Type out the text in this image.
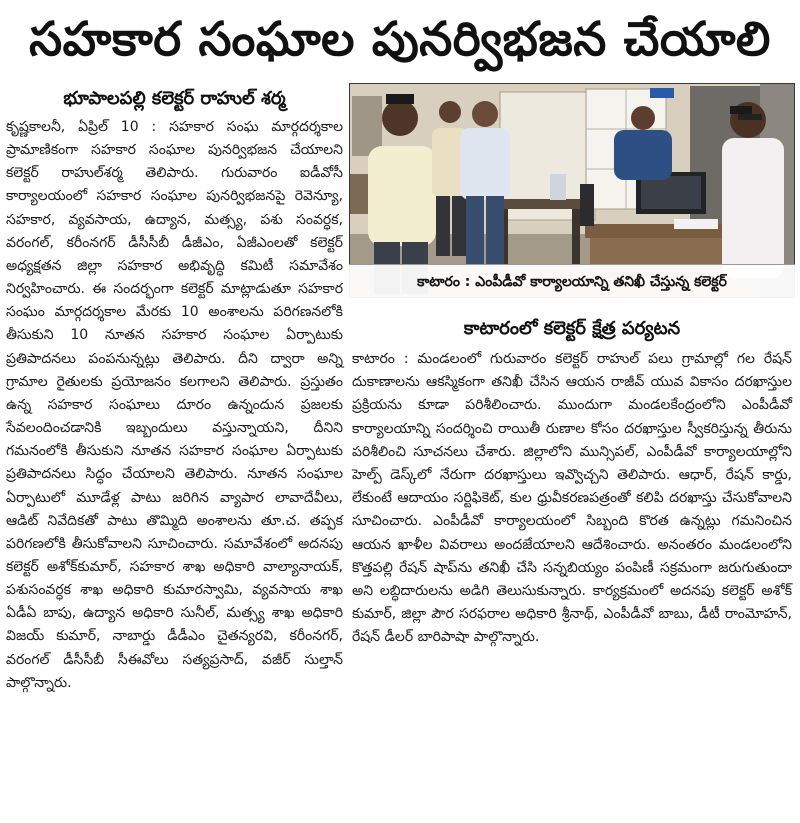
సహకార సంఘాల పునర్విభజన చేయాలి
భూపాలపల్లి కలెక్టర్ రాహుల్ శర్మ

కృష్ణకాలనీ, ఏప్రిల్ 10 : సహకార సంఘ మార్గదర్శకాల ప్రామాణికంగా సహకార సంఘాల పునర్విభజన చేయాలని కలెక్టర్ రాహుల్‌శర్మ తెలిపారు. గురువారం ఐడీవోసీ కార్యాలయంలో సహకార సంఘాల పునర్విభజనపై రెవెన్యూ, సహకార, వ్యవసాయ, ఉద్యాన, మత్స్య, పశు సంవర్ధక, వరంగల్, కరీంనగర్ డీసీసీబీ డీజీఎం, ఏజీఎంలతో కలెక్టర్ అధ్యక్షతన జిల్లా సహకార అభివృద్ధి కమిటీ సమావేశం నిర్వహించారు. ఈ సందర్భంగా కలెక్టర్ మాట్లాడుతూ సహకార సంఘం మార్గదర్శకాల మేరకు 10 అంశాలను పరిగణనలోకి తీసుకుని 10 నూతన సహకార సంఘాల ఏర్పాటుకు ప్రతిపాదనలు పంపనున్నట్లు తెలిపారు. దీని ద్వారా అన్ని గ్రామాల రైతులకు ప్రయోజనం కలగాలని తెలిపారు. ప్రస్తుతం ఉన్న సహకార సంఘాలు దూరం ఉన్నందున ప్రజలకు సేవలందించడానికి ఇబ్బందులు వస్తున్నాయని, దీనిని గమనంలోకి తీసుకుని నూతన సహకార సంఘాల ఏర్పాటుకు ప్రతిపాదనలు సిద్ధం చేయాలని తెలిపారు. నూతన సంఘాల ఏర్పాటులో మూడేళ్ల పాటు జరిగిన వ్యాపార లావాదేవీలు, ఆడిట్ నివేదికతో పాటు తొమ్మిది అంశాలను తూ.చ. తప్పక పరిగణలోకి తీసుకోవాలని సూచించారు. సమావేశంలో అదనపు కలెక్టర్ అశోక్‌కుమార్, సహకార శాఖ అధికారి వాల్యానాయక్, పశుసంవర్ధక శాఖ అధికారి కుమారస్వామి, వ్యవసాయ శాఖ ఏడీఏ బాపు, ఉద్యాన అధికారి సునీల్, మత్స్య శాఖ అధికారి విజయ్ కుమార్, నాబార్డు డీడీఎం చైతన్యరవి, కరీంనగర్, వరంగల్ డీసీసీబీ సీఈవోలు సత్యప్రసాద్, వజీర్ సుల్తాన్ పాల్గొన్నారు.

కాటారం : ఎంపీడీవో కార్యాలయాన్ని తనిఖీ చేస్తున్న కలెక్టర్
కాటారంలో కలెక్టర్ క్షేత్ర పర్యటన

కాటారం : మండలంలో గురువారం కలెక్టర్ రాహుల్ పలు గ్రామాల్లో గల రేషన్ దుకాణాలను ఆకస్మికంగా తనిఖీ చేసిన ఆయన రాజీవ్ యువ వికాసం దరఖాస్తుల ప్రక్రియను కూడా పరిశీలించారు. ముందుగా మండలకేంద్రంలోని ఎంపీడీవో కార్యాలయాన్ని సందర్శించి రాయితీ రుణాల కోసం దరఖాస్తుల స్వీకరిస్తున్న తీరును పరిశీలించి సూచనలు చేశారు. జిల్లాలోని మున్సిపల్, ఎంపీడీవో కార్యాలయాల్లోని హెల్ప్ డెస్క్‌లో నేరుగా దరఖాస్తులు ఇవ్వొచ్చని తెలిపారు. ఆధార్, రేషన్ కార్డు, లేకుంటే ఆదాయం సర్టిఫికెట్, కుల ధ్రువీకరణపత్రంతో కలిపి దరఖాస్తు చేసుకోవాలని సూచించారు. ఎంపీడీవో కార్యాలయంలో సిబ్బంది కొరత ఉన్నట్లు గమనించిన ఆయన ఖాళీల వివరాలు అందజేయాలని ఆదేశించారు. అనంతరం మండలంలోని కొత్తపల్లి రేషన్ షాప్‌ను తనిఖీ చేసి సన్నబియ్యం పంపిణీ సక్రమంగా జరుగుతుందా అని లబ్ధిదారులను అడిగి తెలుసుకున్నారు. కార్యక్రమంలో అదనపు కలెక్టర్ అశోక్ కుమార్, జిల్లా పౌర సరఫరాల అధికారి శ్రీనాథ్, ఎంపీడీవో బాబు, డీటీ రాంమోహన్, రేషన్ డీలర్ బారిపాషా పాల్గొన్నారు.
